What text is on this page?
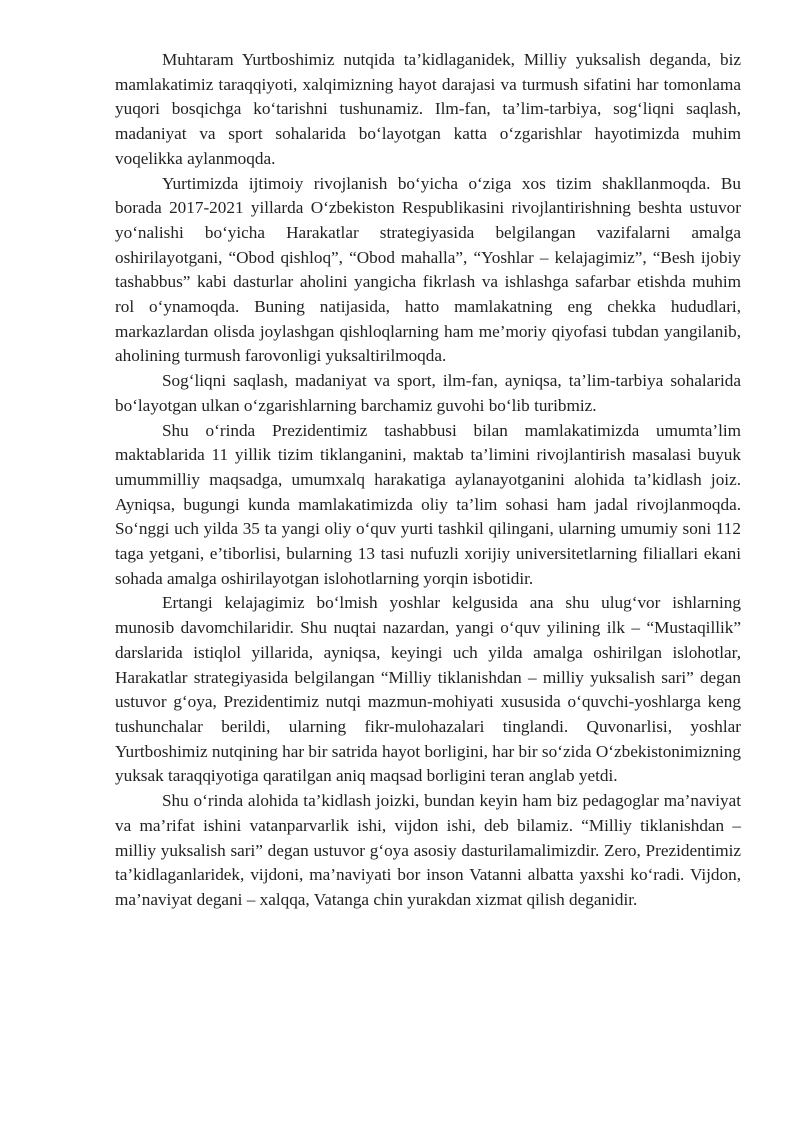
Muhtaram Yurtboshimiz nutqida ta’kidlaganidek, Milliy yuksalish deganda, biz mamlakatimiz taraqqiyoti, xalqimizning hayot darajasi va turmush sifatini har tomonlama yuqori bosqichga ko‘tarishni tushunamiz. Ilm-fan, ta’lim-tarbiya, sog‘liqni saqlash, madaniyat va sport sohalarida bo‘layotgan katta o‘zgarishlar hayotimizda muhim voqelikka aylanmoqda.

Yurtimizda ijtimoiy rivojlanish bo‘yicha o‘ziga xos tizim shakllanmoqda. Bu borada 2017-2021 yillarda O‘zbekiston Respublikasini rivojlantirishning beshta ustuvor yo‘nalishi bo‘yicha Harakatlar strategiyasida belgilangan vazifalarni amalga oshirilayotgani, “Obod qishloq”, “Obod mahalla”, “Yoshlar – kelajagimiz”, “Besh ijobiy tashabbus” kabi dasturlar aholini yangicha fikrlash va ishlashga safarbar etishda muhim rol o‘ynamoqda. Buning natijasida, hatto mamlakatning eng chekka hududlari, markazlardan olisda joylashgan qishloqlarning ham me’moriy qiyofasi tubdan yangilanib, aholining turmush farovonligi yuksaltirilmoqda.

Sog‘liqni saqlash, madaniyat va sport, ilm-fan, ayniqsa, ta’lim-tarbiya sohalarida bo‘layotgan ulkan o‘zgarishlarning barchamiz guvohi bo‘lib turibmiz.

Shu o‘rinda Prezidentimiz tashabbusi bilan mamlakatimizda umumta’lim maktablarida 11 yillik tizim tiklanganini, maktab ta’limini rivojlantirish masalasi buyuk umummilliy maqsadga, umumxalq harakatiga aylanayotganini alohida ta’kidlash joiz. Ayniqsa, bugungi kunda mamlakatimizda oliy ta’lim sohasi ham jadal rivojlanmoqda. So‘nggi uch yilda 35 ta yangi oliy o‘quv yurti tashkil qilingani, ularning umumiy soni 112 taga yetgani, e’tiborlisi, bularning 13 tasi nufuzli xorijiy universitetlarning filiallari ekani sohada amalga oshirilayotgan islohotlarning yorqin isbotidir.

Ertangi kelajagimiz bo‘lmish yoshlar kelgusida ana shu ulug‘vor ishlarning munosib davomchilaridir. Shu nuqtai nazardan, yangi o‘quv yilining ilk – “Mustaqillik” darslarida istiqlol yillarida, ayniqsa, keyingi uch yilda amalga oshirilgan islohotlar, Harakatlar strategiyasida belgilangan “Milliy tiklanishdan – milliy yuksalish sari” degan ustuvor g‘oya, Prezidentimiz nutqi mazmun-mohiyati xususida o‘quvchi-yoshlarga keng tushunchalar berildi, ularning fikr-mulohazalari tinglandi. Quvonarlisi, yoshlar Yurtboshimiz nutqining har bir satrida hayot borligini, har bir so‘zida O‘zbekistonimizning yuksak taraqqiyotiga qaratilgan aniq maqsad borligini teran anglab yetdi.

Shu o‘rinda alohida ta’kidlash joizki, bundan keyin ham biz pedagoglar ma’naviyat va ma’rifat ishini vatanparvarlik ishi, vijdon ishi, deb bilamiz. “Milliy tiklanishdan – milliy yuksalish sari” degan ustuvor g‘oya asosiy dasturilamalimizdir. Zero, Prezidentimiz ta’kidlaganlaridek, vijdoni, ma’naviyati bor inson Vatanni albatta yaxshi ko‘radi. Vijdon, ma’naviyat degani – xalqqa, Vatanga chin yurakdan xizmat qilish deganidir.
